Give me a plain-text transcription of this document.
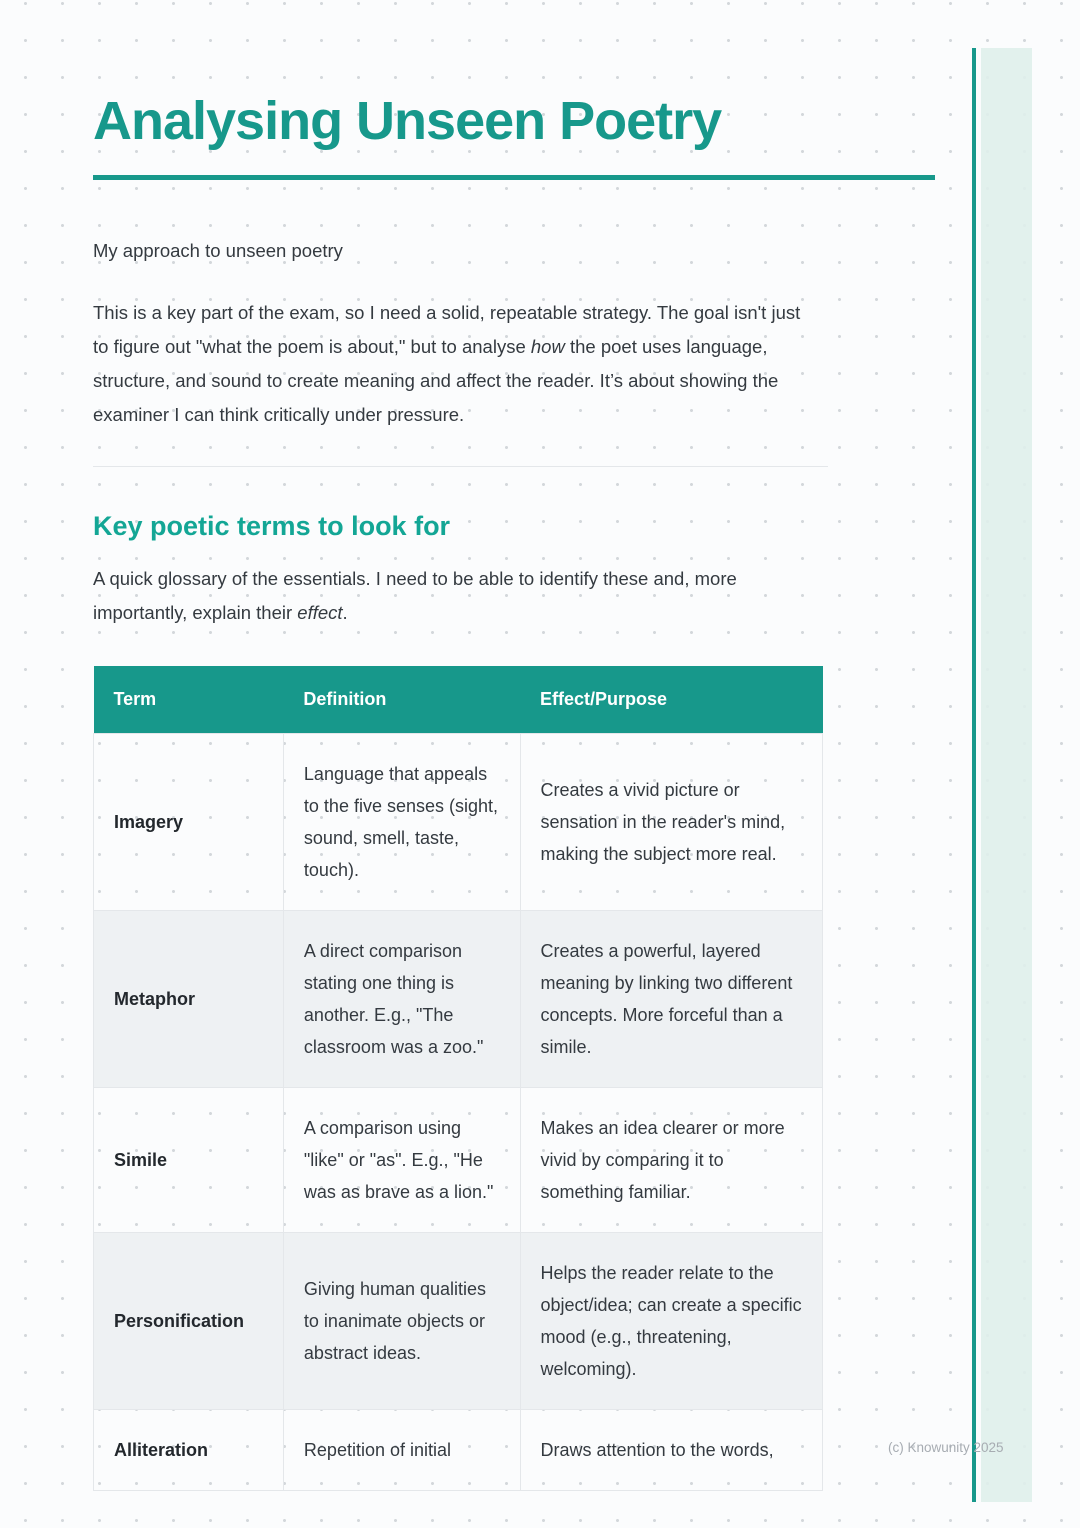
Analysing Unseen Poetry

My approach to unseen poetry

This is a key part of the exam, so I need a solid, repeatable strategy. The goal isn't just to figure out "what the poem is about," but to analyse how the poet uses language, structure, and sound to create meaning and affect the reader. It’s about showing the examiner I can think critically under pressure.

Key poetic terms to look for

A quick glossary of the essentials. I need to be able to identify these and, more importantly, explain their effect.

Term	Definition	Effect/Purpose
Imagery	Language that appeals to the five senses (sight, sound, smell, taste, touch).	Creates a vivid picture or sensation in the reader's mind, making the subject more real.
Metaphor	A direct comparison stating one thing is another. E.g., "The classroom was a zoo."	Creates a powerful, layered meaning by linking two different concepts. More forceful than a simile.
Simile	A comparison using "like" or "as". E.g., "He was as brave as a lion."	Makes an idea clearer or more vivid by comparing it to something familiar.
Personification	Giving human qualities to inanimate objects or abstract ideas.	Helps the reader relate to the object/idea; can create a specific mood (e.g., threatening, welcoming).
Alliteration	Repetition of initial	Draws attention to the words,	(c) Knowunity 2025
